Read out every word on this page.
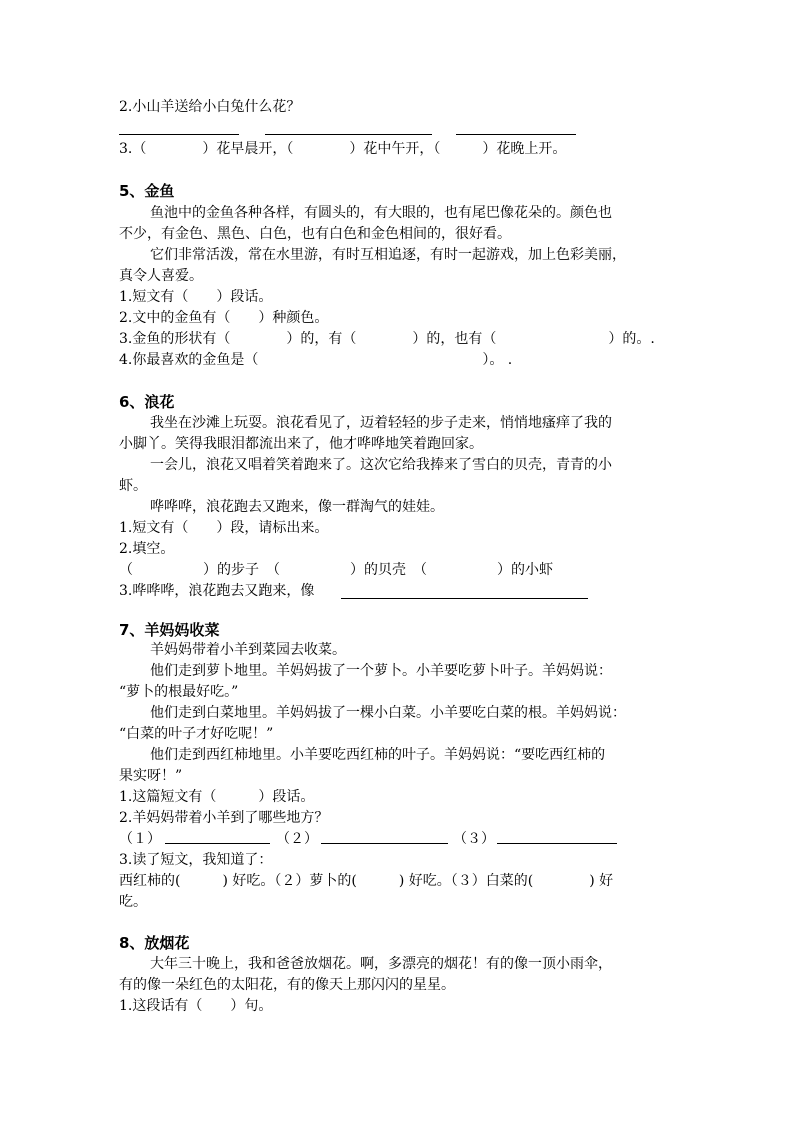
2.小山羊送给小白兔什么花？
3.（　　　　）花早晨开，（　　　　）花中午开，（　　　）花晚上开。
5、金鱼
鱼池中的金鱼各种各样，有圆头的，有大眼的，也有尾巴像花朵的。颜色也
不少，有金色、黑色、白色，也有白色和金色相间的，很好看。
它们非常活泼，常在水里游，有时互相追逐，有时一起游戏，加上色彩美丽，
真令人喜爱。
1.短文有（　　）段话。
2.文中的金鱼有（　　）种颜色。
3.金鱼的形状有（　　　　）的，有（　　　　）的，也有（　　　　　　　　）的。.
4.你最喜欢的金鱼是（　　　　　　　　　　　　　　　　）。 .
6、浪花
我坐在沙滩上玩耍。浪花看见了，迈着轻轻的步子走来，悄悄地瘙痒了我的
小脚丫。笑得我眼泪都流出来了，他才哗哗地笑着跑回家。
一会儿，浪花又唱着笑着跑来了。这次它给我捧来了雪白的贝壳，青青的小
虾。
哗哗哗，浪花跑去又跑来，像一群淘气的娃娃。
1.短文有（　　）段，请标出来。
2.填空。
（　　　　　）的步子　（　　　　　）的贝壳　（　　　　　）的小虾
3.哗哗哗，浪花跑去又跑来，像
7、羊妈妈收菜
羊妈妈带着小羊到菜园去收菜。
他们走到萝卜地里。羊妈妈拔了一个萝卜。小羊要吃萝卜叶子。羊妈妈说：
“萝卜的根最好吃。”
他们走到白菜地里。羊妈妈拔了一棵小白菜。小羊要吃白菜的根。羊妈妈说：
“白菜的叶子才好吃呢！”
他们走到西红柿地里。小羊要吃西红柿的叶子。羊妈妈说：“要吃西红柿的
果实呀！”
1.这篇短文有（　　　）段话。
2.羊妈妈带着小羊到了哪些地方？
（１）	（２）	（３）
3.读了短文，我知道了：
西红柿的(　　　) 好吃。（２）萝卜的(　　　) 好吃。（３）白菜的(　　　　) 好
吃。
8、放烟花
大年三十晚上，我和爸爸放烟花。啊，多漂亮的烟花！有的像一顶小雨伞，
有的像一朵红色的太阳花，有的像天上那闪闪的星星。
1.这段话有（　　）句。
